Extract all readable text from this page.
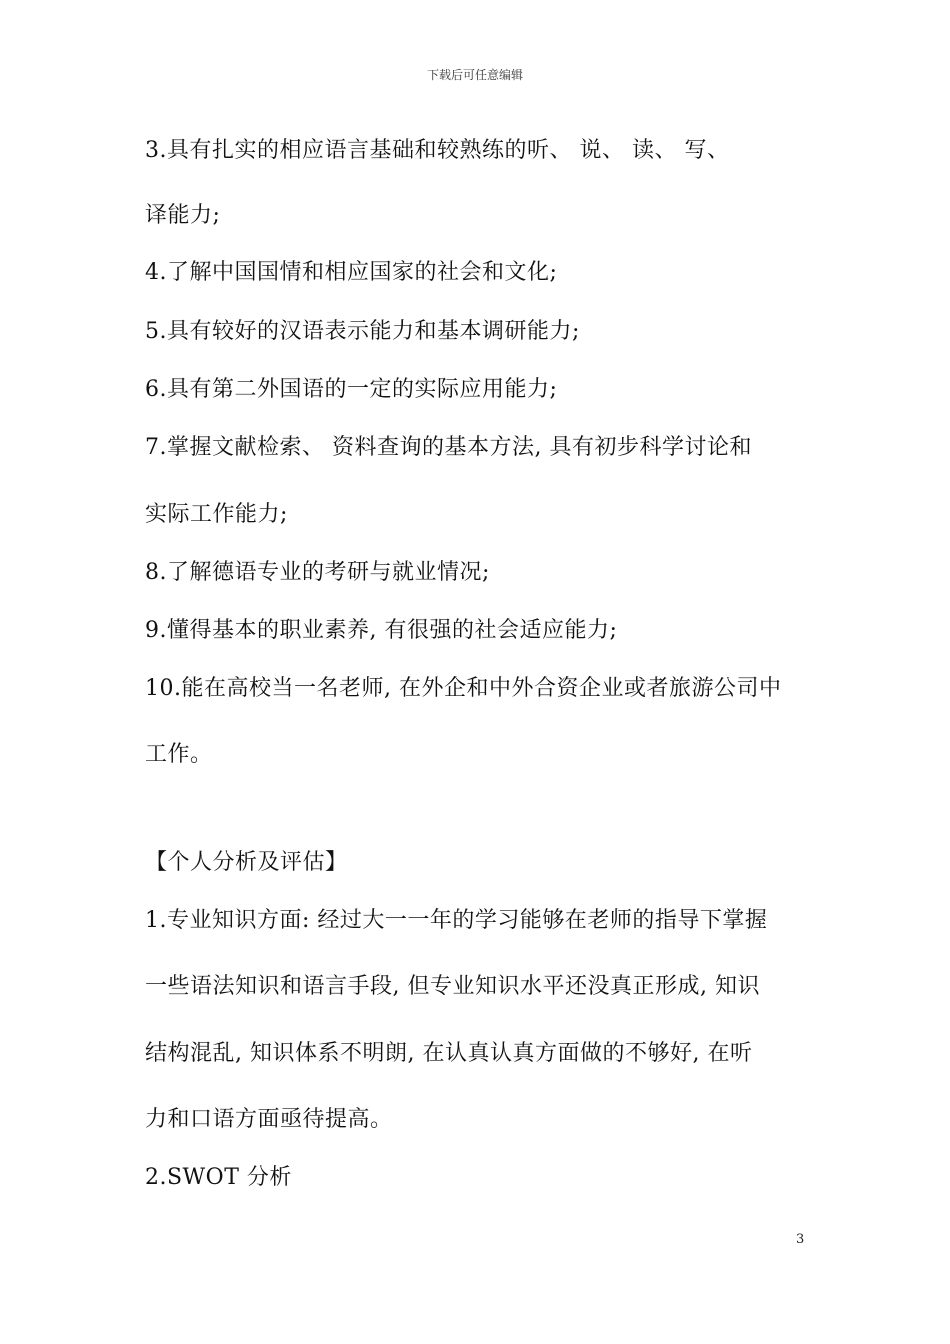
下载后可任意编辑
3.具有扎实的相应语言基础和较熟练的听、 说、 读、 写、
译能力;
4.了解中国国情和相应国家的社会和文化;
5.具有较好的汉语表示能力和基本调研能力;
6.具有第二外国语的一定的实际应用能力;
7.掌握文献检索、 资料查询的基本方法, 具有初步科学讨论和
实际工作能力;
8.了解德语专业的考研与就业情况;
9.懂得基本的职业素养, 有很强的社会适应能力;
10.能在高校当一名老师, 在外企和中外合资企业或者旅游公司中
工作。
【个人分析及评估】
1.专业知识方面: 经过大一一年的学习能够在老师的指导下掌握
一些语法知识和语言手段, 但专业知识水平还没真正形成, 知识
结构混乱, 知识体系不明朗, 在认真认真方面做的不够好, 在听
力和口语方面亟待提高。
2.SWOT 分析
3
